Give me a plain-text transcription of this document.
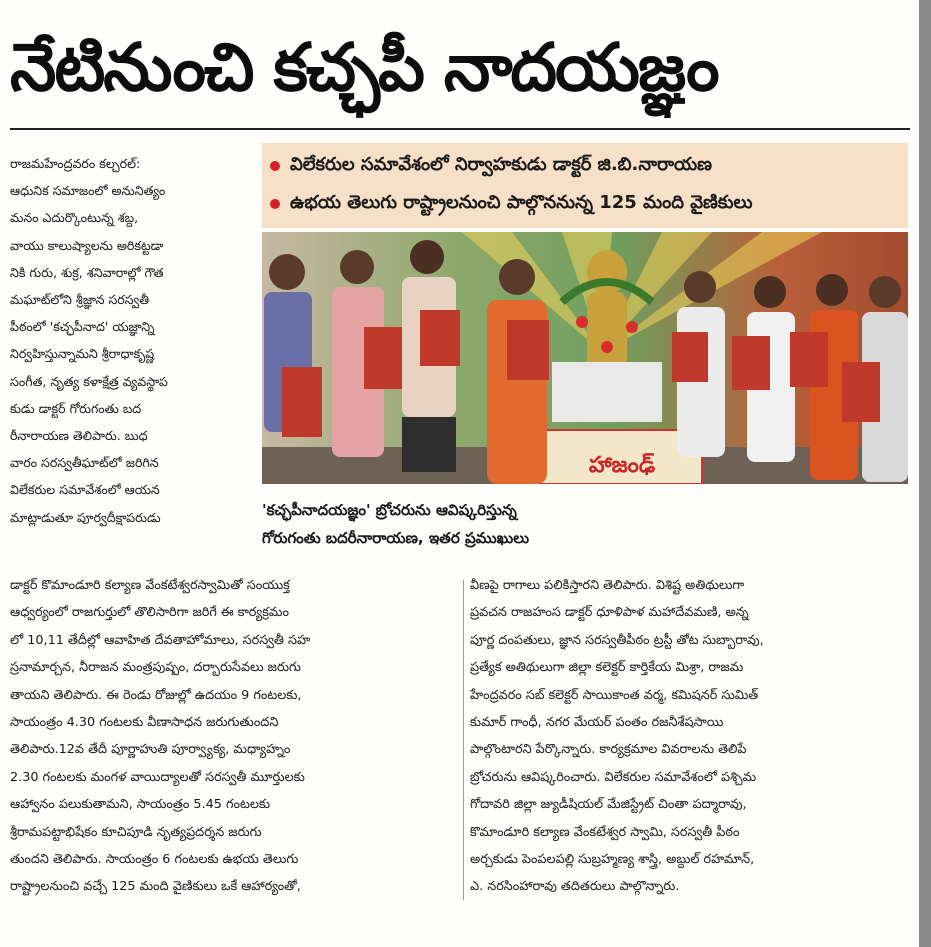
నేటినుంచి కచ్ఛపీ నాదయజ్ఞం
రాజమహేంద్రవరం కల్చరల్:
ఆధునిక సమాజంలో అనునిత్యం
మనం ఎదుర్కొంటున్న శబ్ద,
వాయు కాలుష్యాలను అరికట్టడా
నికి గురు, శుక్ర, శనివారాల్లో గౌత
మఘాట్‌లోని శ్రీజ్ఞాన సరస్వతీ
పీఠంలో 'కచ్ఛపీనాద' యజ్ఞాన్ని
నిర్వహిస్తున్నామని శ్రీరాధాకృష్ణ
సంగీత, నృత్య కళాక్షేత్ర వ్యవస్థాప
కుడు డాక్టర్ గోరుగంతు బద
రీనారాయణ తెలిపారు. బుధ
వారం సరస్వతీఘాట్‌లో జరిగిన
విలేకరుల సమావేశంలో ఆయన
మాట్లాడుతూ పూర్వదీక్షాపరుడు
విలేకరుల సమావేశంలో నిర్వాహకుడు డాక్టర్ జి.బి.నారాయణ
ఉభయ తెలుగు రాష్ట్రాలనుంచి పాల్గొననున్న 125 మంది వైణికులు
హాజంఢ్
'కచ్ఛపీనాదయజ్ఞం' బ్రోచరును ఆవిష్కరిస్తున్న
గోరుగంతు బదరీనారాయణ, ఇతర ప్రముఖులు
డాక్టర్ కొమాండూరి కల్యాణ వేంకటేశ్వరస్వామితో సంయుక్త
ఆధ్వర్యంలో రాజగుర్తులో తొలిసారిగా జరిగే ఈ కార్యక్రమం
లో 10,11 తేదీల్లో ఆవాహిత దేవతాహోమాలు, సరస్వతీ సహ
స్రనామార్చన, నీరాజన మంత్రపుష్పం, దర్బారుసేవలు జరుగు
తాయని తెలిపారు. ఈ రెండు రోజుల్లో ఉదయం 9 గంటలకు,
సాయంత్రం 4.30 గంటలకు వీణాసాధన జరుగుతుందని
తెలిపారు.12వ తేదీ పూర్ణాహుతి పూర్వ్యాక్య, మధ్యాహ్నం
2.30 గంటలకు మంగళ వాయిద్యాలతో సరస్వతీ మూర్తులకు
ఆహ్వానం పలుకుతామని, సాయంత్రం 5.45 గంటలకు
శ్రీరామపట్టాభిషేకం కూచిపూడి నృత్యప్రదర్శన జరుగు
తుందని తెలిపారు. సాయంత్రం 6 గంటలకు ఉభయ తెలుగు
రాష్ట్రాలనుంచి వచ్చే 125 మంది వైణికులు ఒకే ఆహార్యంతో,
వీణపై రాగాలు పలికిస్తారని తెలిపారు. విశిష్ట అతిథులుగా
ప్రవచన రాజహంస డాక్టర్ ధూళిపాళ మహాదేవమణి, అన్న
పూర్ణ దంపతులు, జ్ఞాన సరస్వతీపీఠం ట్రస్టీ తోట సుబ్బారావు,
ప్రత్యేక అతిథులుగా జిల్లా కలెక్టర్ కార్తికేయ మిశ్రా, రాజమ
హేంద్రవరం సబ్ కలెక్టర్ సాయికాంత వర్మ, కమిషనర్ సుమిత్
కుమార్ గాంధీ, నగర మేయర్ పంతం రజనీశేషసాయి
పాల్గొంటారని పేర్కొన్నారు. కార్యక్రమాల వివరాలను తెలిపే
బ్రోచరును ఆవిష్కరించారు. విలేకరుల సమావేశంలో పశ్చిమ
గోదావరి జిల్లా జ్యుడీషియల్ మేజిస్ట్రేట్ చింతా పద్మారావు,
కొమాండూరి కల్యాణ వేంకటేశ్వర స్వామి, సరస్వతీ పీఠం
అర్చకుడు పెంపలపల్లి సుబ్రహ్మణ్య శాస్త్రి, అబ్దుల్ రహమాన్,
ఎ. నరసింహారావు తదితరులు పాల్గొన్నారు.
